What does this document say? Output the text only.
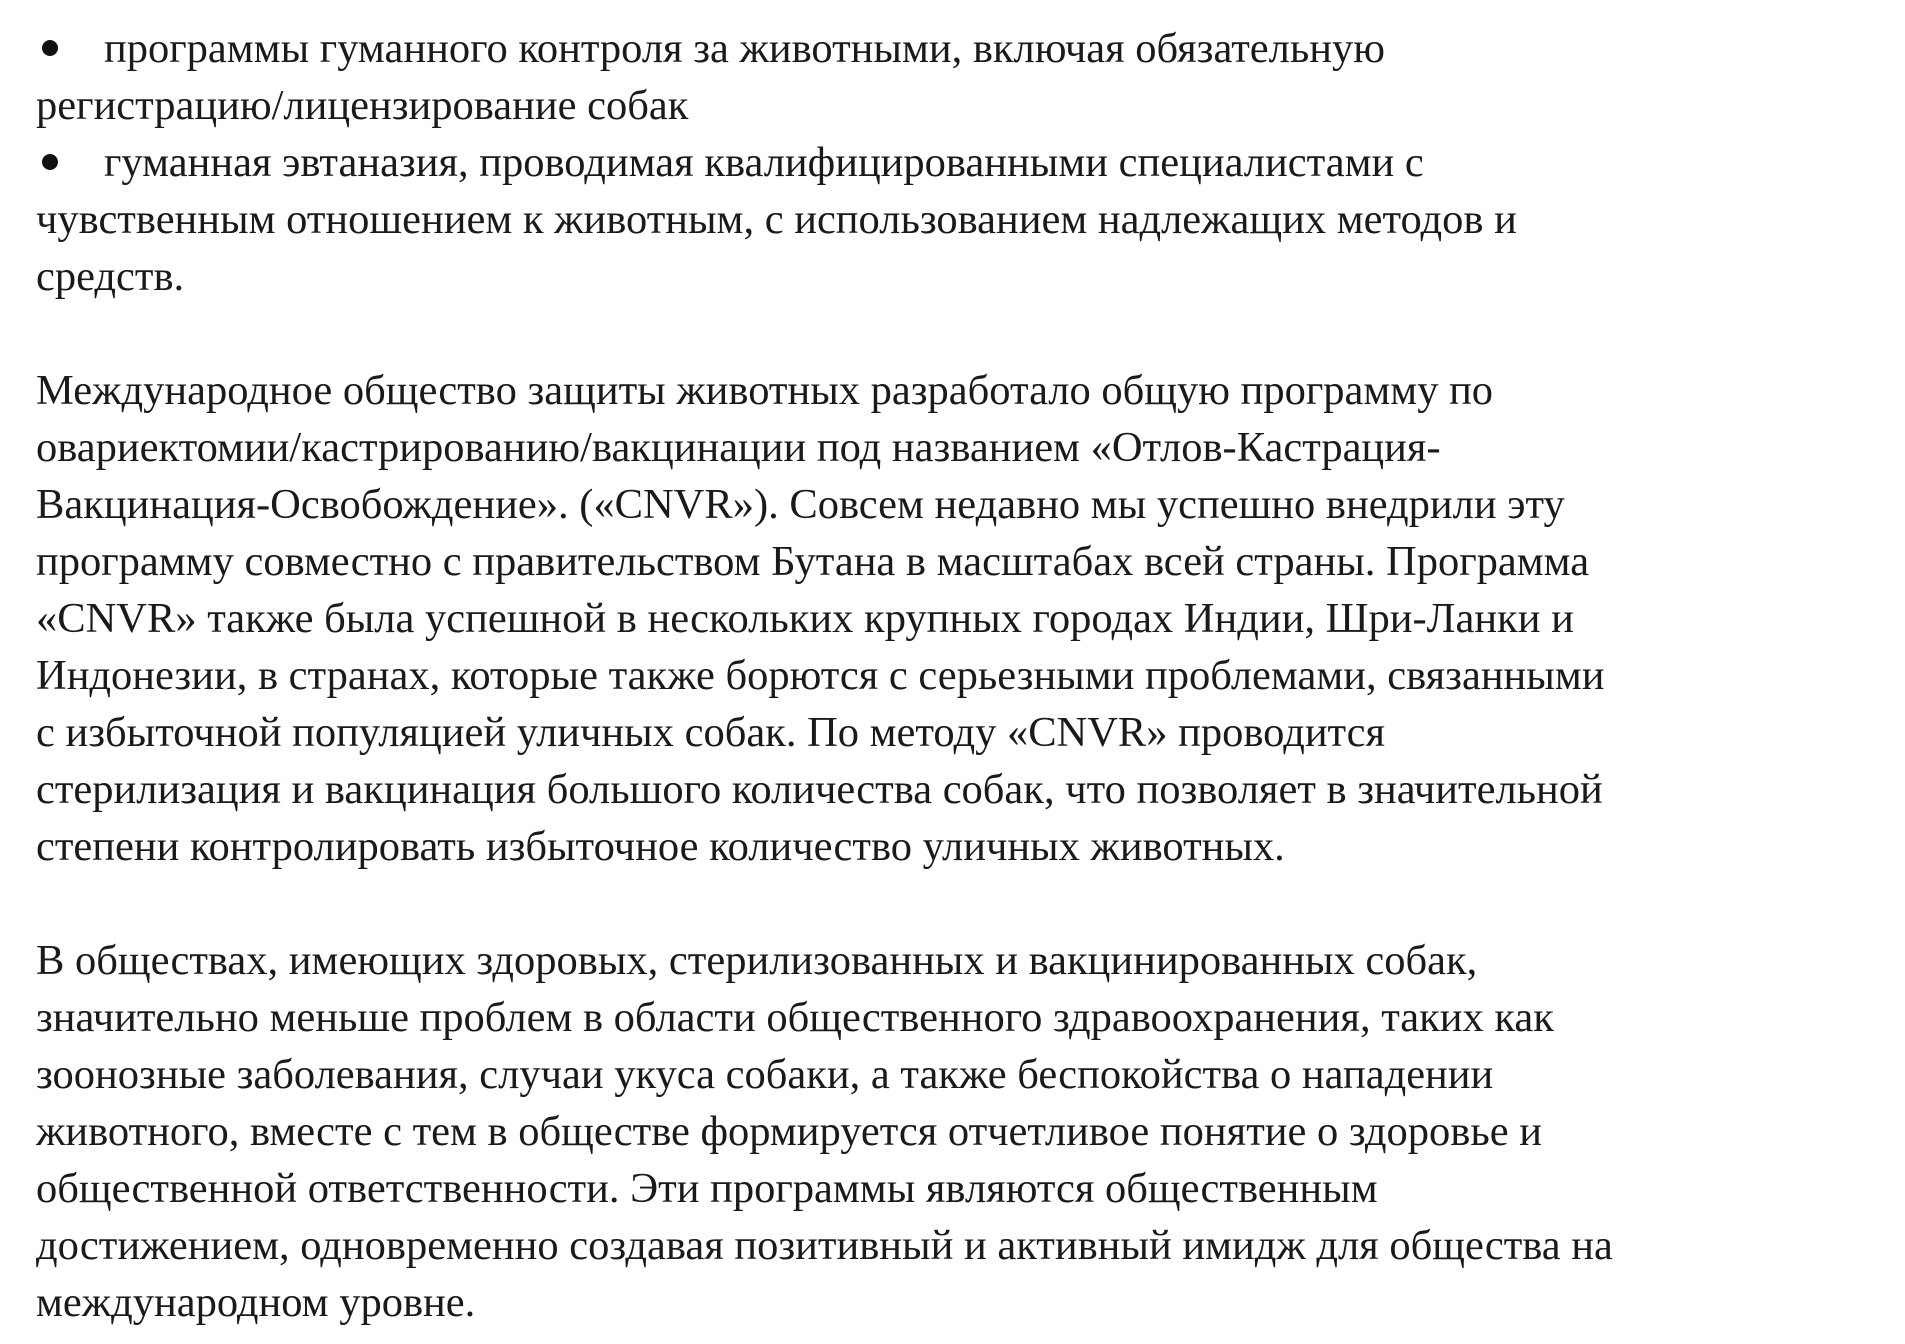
программы гуманного контроля за животными, включая обязательную
регистрацию/лицензирование собак
гуманная эвтаназия, проводимая квалифицированными специалистами с
чувственным отношением к животным, с использованием надлежащих методов и
средств.
Международное общество защиты животных разработало общую программу по
овариектомии/кастрированию/вакцинации под названием «Отлов-Кастрация-
Вакцинация-Освобождение». («CNVR»). Совсем недавно мы успешно внедрили эту
программу совместно с правительством Бутана в масштабах всей страны. Программа
«CNVR» также была успешной в нескольких крупных городах Индии, Шри-Ланки и
Индонезии, в странах, которые также борются с серьезными проблемами, связанными
с избыточной популяцией уличных собак. По методу «CNVR» проводится
стерилизация и вакцинация большого количества собак, что позволяет в значительной
степени контролировать избыточное количество уличных животных.
В обществах, имеющих здоровых, стерилизованных и вакцинированных собак,
значительно меньше проблем в области общественного здравоохранения, таких как
зоонозные заболевания, случаи укуса собаки, а также беспокойства о нападении
животного, вместе с тем в обществе формируется отчетливое понятие о здоровье и
общественной ответственности. Эти программы являются общественным
достижением, одновременно создавая позитивный и активный имидж для общества на
международном уровне.
